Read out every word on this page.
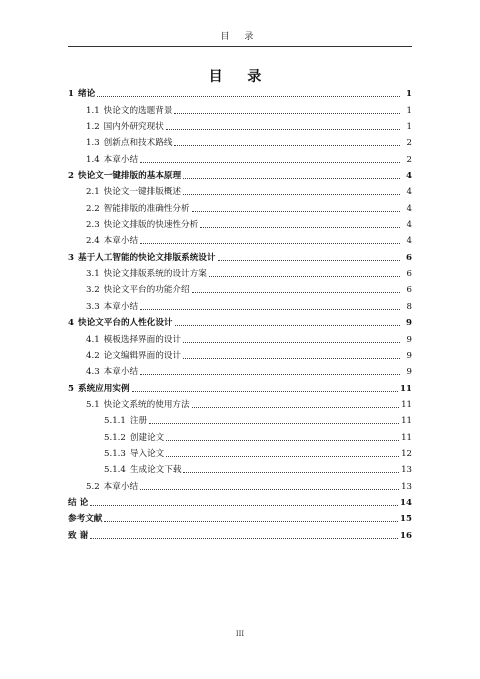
目 录
目 录
1 绪论	1
1.1 快论文的选题背景	1
1.2 国内外研究现状	1
1.3 创新点和技术路线	2
1.4 本章小结	2
2 快论文一键排版的基本原理	4
2.1 快论文一键排版概述	4
2.2 智能排版的准确性分析	4
2.3 快论文排版的快速性分析	4
2.4 本章小结	4
3 基于人工智能的快论文排版系统设计	6
3.1 快论文排版系统的设计方案	6
3.2 快论文平台的功能介绍	6
3.3 本章小结	8
4 快论文平台的人性化设计	9
4.1 模板选择界面的设计	9
4.2 论文编辑界面的设计	9
4.3 本章小结	9
5 系统应用实例	11
5.1 快论文系统的使用方法	11
5.1.1 注册	11
5.1.2 创建论文	11
5.1.3 导入论文	12
5.1.4 生成论文下载	13
5.2 本章小结	13
结 论	14
参考文献	15
致 谢	16
III
